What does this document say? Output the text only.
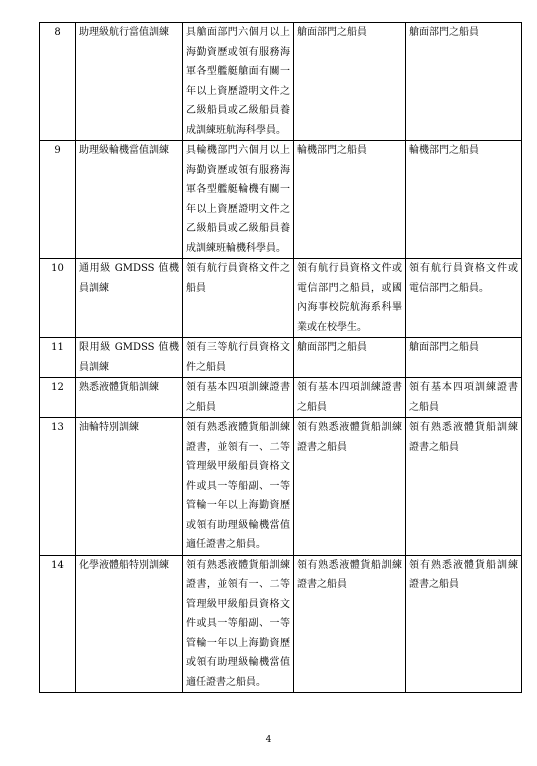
8	助理級航行當值訓練	具艙面部門六個月以上海勤資歷或領有服務海軍各型艦艇艙面有關一年以上資歷證明文件之乙級船員或乙級船員養成訓練班航海科學員。	艙面部門之船員	艙面部門之船員
9	助理級輪機當值訓練	具輪機部門六個月以上海勤資歷或領有服務海軍各型艦艇輪機有關一年以上資歷證明文件之乙級船員或乙級船員養成訓練班輪機科學員。	輪機部門之船員	輪機部門之船員
10	通用級 GMDSS 值機員訓練	領有航行員資格文件之船員	領有航行員資格文件或電信部門之船員，或國內海事校院航海系科畢業或在校學生。	領有航行員資格文件或電信部門之船員。
11	限用級 GMDSS 值機員訓練	領有三等航行員資格文件之船員	艙面部門之船員	艙面部門之船員
12	熟悉液體貨船訓練	領有基本四項訓練證書之船員	領有基本四項訓練證書之船員	領有基本四項訓練證書之船員
13	油輪特別訓練	領有熟悉液體貨船訓練證書，並領有一、二等管理級甲級船員資格文件或具一等船副、一等管輪一年以上海勤資歷或領有助理級輪機當值適任證書之船員。	領有熟悉液體貨船訓練證書之船員	領有熟悉液體貨船訓練證書之船員
14	化學液體船特別訓練	領有熟悉液體貨船訓練證書，並領有一、二等管理級甲級船員資格文件或具一等船副、一等管輪一年以上海勤資歷或領有助理級輪機當值適任證書之船員。	領有熟悉液體貨船訓練證書之船員	領有熟悉液體貨船訓練證書之船員
4
